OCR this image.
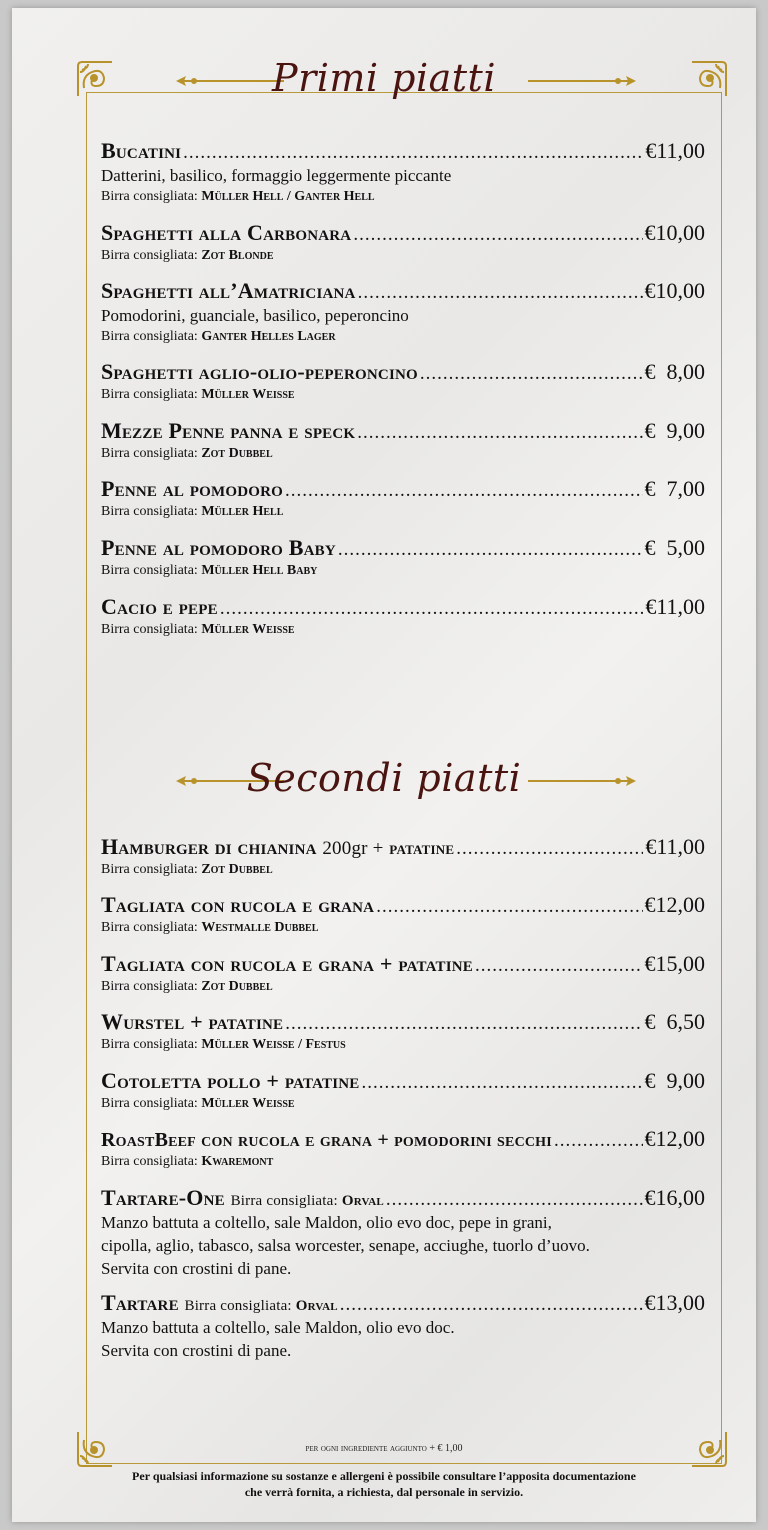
Primi piatti
Bucatini .....	€11,00
Datterini, basilico, formaggio leggermente piccante
Birra consigliata: Müller Hell / Ganter Hell
Spaghetti alla Carbonara .....	€10,00
Birra consigliata: Zot Blonde
Spaghetti all’Amatriciana .....	€10,00
Pomodorini, guanciale, basilico, peperoncino
Birra consigliata: Ganter Helles Lager
Spaghetti aglio-olio-peperoncino .....	€  8,00
Birra consigliata: Müller Weisse
Mezze Penne panna e speck .....	€  9,00
Birra consigliata: Zot Dubbel
Penne al pomodoro .....	€  7,00
Birra consigliata: Müller Hell
Penne al pomodoro Baby .....	€  5,00
Birra consigliata: Müller Hell Baby
Cacio e pepe .....	€11,00
Birra consigliata: Müller Weisse
Secondi piatti
Hamburger di chianina 200gr + patatine .....	€11,00
Birra consigliata: Zot Dubbel
Tagliata con rucola e grana .....	€12,00
Birra consigliata: Westmalle Dubbel
Tagliata con rucola e grana + patatine .....	€15,00
Birra consigliata: Zot Dubbel
Wurstel + patatine .....	€  6,50
Birra consigliata: Müller Weisse / Festus
Cotoletta pollo + patatine .....	€  9,00
Birra consigliata: Müller Weisse
RoastBeef con rucola e grana + pomodorini secchi .....	€12,00
Birra consigliata: Kwaremont
Tartare-One Birra consigliata: Orval .....	€16,00
Manzo battuta a coltello, sale Maldon, olio evo doc, pepe in grani,
cipolla, aglio, tabasco, salsa worcester, senape, acciughe, tuorlo d’uovo.
Servita con crostini di pane.
Tartare Birra consigliata: Orval .....	€13,00
Manzo battuta a coltello, sale Maldon, olio evo doc.
Servita con crostini di pane.
per ogni ingrediente aggiunto + € 1,00
Per qualsiasi informazione su sostanze e allergeni è possibile consultare l’apposita documentazione
che verrà fornita, a richiesta, dal personale in servizio.
